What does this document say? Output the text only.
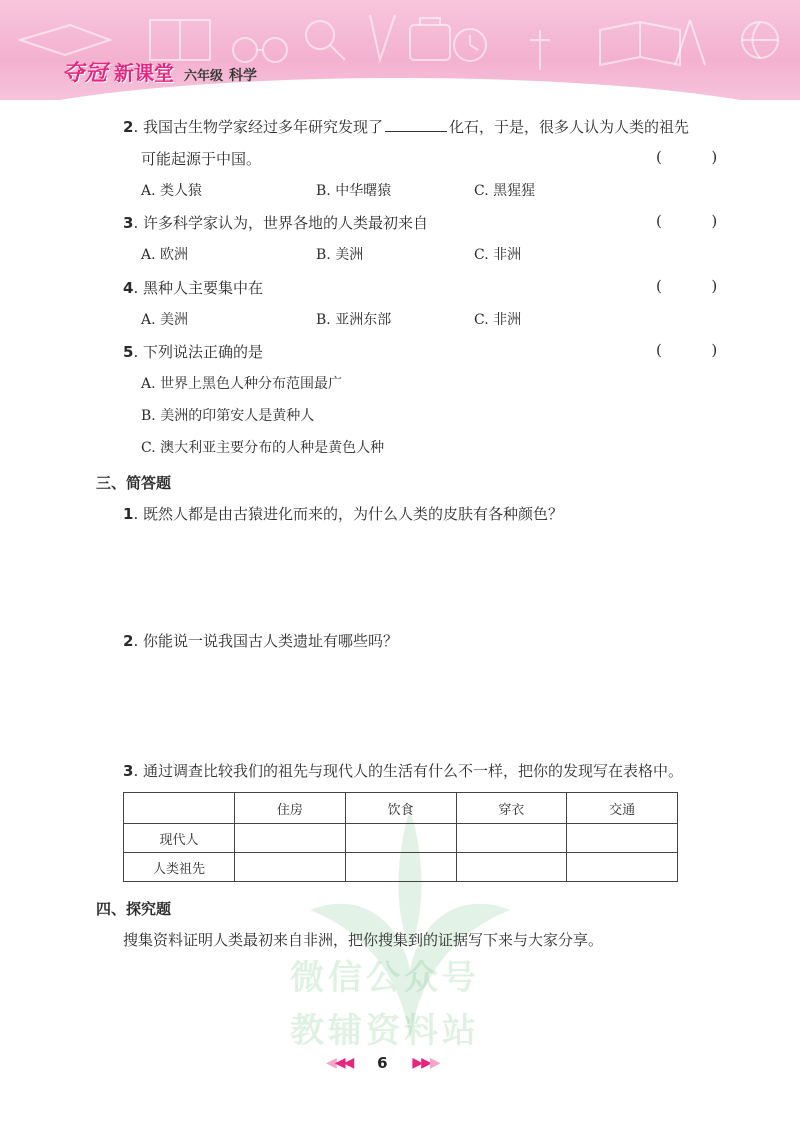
夺冠 新课堂 六年级 科学
微信公众号
教辅资料站
2. 我国古生物学家经过多年研究发现了	化石，于是，很多人认为人类的祖先
可能起源于中国。	(  )
A. 类人猿	B. 中华曙猿	C. 黑猩猩
3. 许多科学家认为，世界各地的人类最初来自	(  )
A. 欧洲	B. 美洲	C. 非洲
4. 黑种人主要集中在	(  )
A. 美洲	B. 亚洲东部	C. 非洲
5. 下列说法正确的是	(  )
A. 世界上黑色人种分布范围最广
B. 美洲的印第安人是黄种人
C. 澳大利亚主要分布的人种是黄色人种
三、简答题
1. 既然人都是由古猿进化而来的，为什么人类的皮肤有各种颜色？
2. 你能说一说我国古人类遗址有哪些吗？
3. 通过调查比较我们的祖先与现代人的生活有什么不一样，把你的发现写在表格中。
	住房	饮食	穿衣	交通
现代人				
人类祖先				
四、探究题
搜集资料证明人类最初来自非洲，把你搜集到的证据写下来与大家分享。
◀◀◀	6	▶▶▶
